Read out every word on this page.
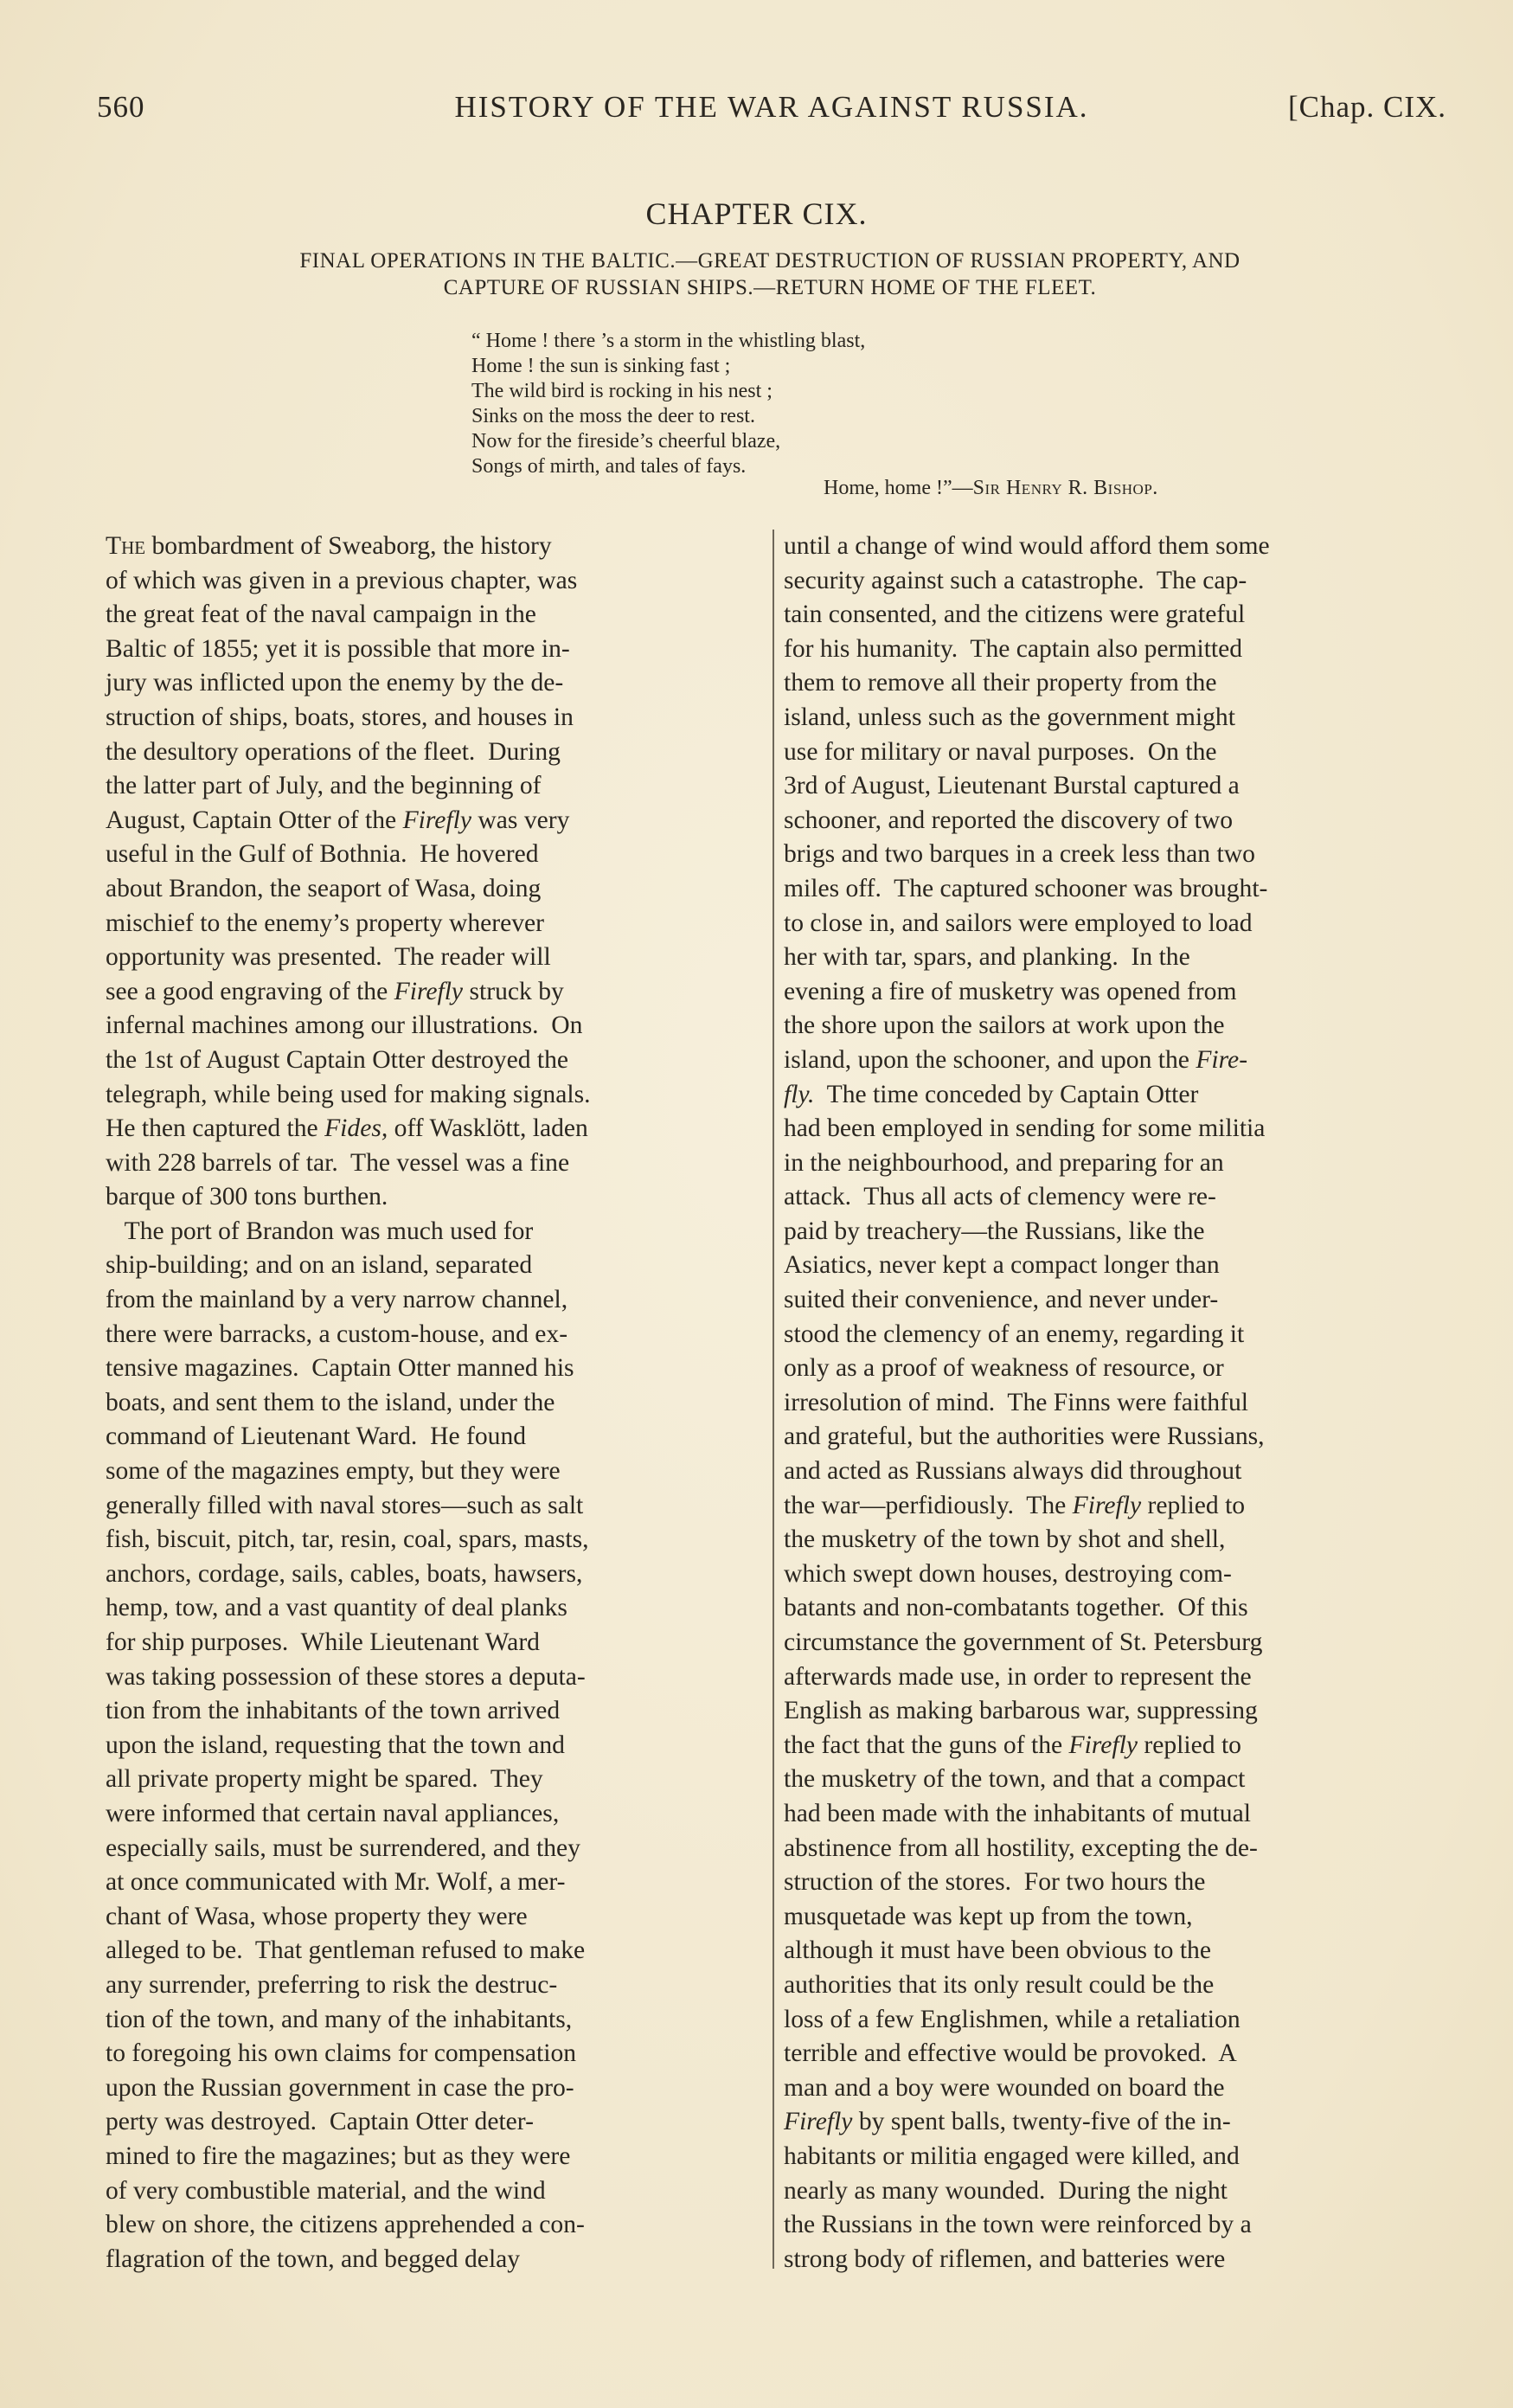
560	HISTORY OF THE WAR AGAINST RUSSIA.	[Chap. CIX.
CHAPTER CIX.
FINAL OPERATIONS IN THE BALTIC.—GREAT DESTRUCTION OF RUSSIAN PROPERTY, AND
CAPTURE OF RUSSIAN SHIPS.—RETURN HOME OF THE FLEET.
“ Home ! there ’s a storm in the whistling blast,
Home ! the sun is sinking fast ;
The wild bird is rocking in his nest ;
Sinks on the moss the deer to rest.
Now for the fireside’s cheerful blaze,
Songs of mirth, and tales of fays.
Home, home !”—Sir Henry R. Bishop.
The bombardment of Sweaborg, the history
of which was given in a previous chapter, was
the great feat of the naval campaign in the
Baltic of 1855; yet it is possible that more in-
jury was inflicted upon the enemy by the de-
struction of ships, boats, stores, and houses in
the desultory operations of the fleet.  During
the latter part of July, and the beginning of
August, Captain Otter of the Firefly was very
useful in the Gulf of Bothnia.  He hovered
about Brandon, the seaport of Wasa, doing
mischief to the enemy’s property wherever
opportunity was presented.  The reader will
see a good engraving of the Firefly struck by
infernal machines among our illustrations.  On
the 1st of August Captain Otter destroyed the
telegraph, while being used for making signals.
He then captured the Fides, off Wasklött, laden
with 228 barrels of tar.  The vessel was a fine
barque of 300 tons burthen.
The port of Brandon was much used for
ship-building; and on an island, separated
from the mainland by a very narrow channel,
there were barracks, a custom-house, and ex-
tensive magazines.  Captain Otter manned his
boats, and sent them to the island, under the
command of Lieutenant Ward.  He found
some of the magazines empty, but they were
generally filled with naval stores—such as salt
fish, biscuit, pitch, tar, resin, coal, spars, masts,
anchors, cordage, sails, cables, boats, hawsers,
hemp, tow, and a vast quantity of deal planks
for ship purposes.  While Lieutenant Ward
was taking possession of these stores a deputa-
tion from the inhabitants of the town arrived
upon the island, requesting that the town and
all private property might be spared.  They
were informed that certain naval appliances,
especially sails, must be surrendered, and they
at once communicated with Mr. Wolf, a mer-
chant of Wasa, whose property they were
alleged to be.  That gentleman refused to make
any surrender, preferring to risk the destruc-
tion of the town, and many of the inhabitants,
to foregoing his own claims for compensation
upon the Russian government in case the pro-
perty was destroyed.  Captain Otter deter-
mined to fire the magazines; but as they were
of very combustible material, and the wind
blew on shore, the citizens apprehended a con-
flagration of the town, and begged delay
until a change of wind would afford them some
security against such a catastrophe.  The cap-
tain consented, and the citizens were grateful
for his humanity.  The captain also permitted
them to remove all their property from the
island, unless such as the government might
use for military or naval purposes.  On the
3rd of August, Lieutenant Burstal captured a
schooner, and reported the discovery of two
brigs and two barques in a creek less than two
miles off.  The captured schooner was brought-
to close in, and sailors were employed to load
her with tar, spars, and planking.  In the
evening a fire of musketry was opened from
the shore upon the sailors at work upon the
island, upon the schooner, and upon the Fire-
fly.  The time conceded by Captain Otter
had been employed in sending for some militia
in the neighbourhood, and preparing for an
attack.  Thus all acts of clemency were re-
paid by treachery—the Russians, like the
Asiatics, never kept a compact longer than
suited their convenience, and never under-
stood the clemency of an enemy, regarding it
only as a proof of weakness of resource, or
irresolution of mind.  The Finns were faithful
and grateful, but the authorities were Russians,
and acted as Russians always did throughout
the war—perfidiously.  The Firefly replied to
the musketry of the town by shot and shell,
which swept down houses, destroying com-
batants and non-combatants together.  Of this
circumstance the government of St. Petersburg
afterwards made use, in order to represent the
English as making barbarous war, suppressing
the fact that the guns of the Firefly replied to
the musketry of the town, and that a compact
had been made with the inhabitants of mutual
abstinence from all hostility, excepting the de-
struction of the stores.  For two hours the
musquetade was kept up from the town,
although it must have been obvious to the
authorities that its only result could be the
loss of a few Englishmen, while a retaliation
terrible and effective would be provoked.  A
man and a boy were wounded on board the
Firefly by spent balls, twenty-five of the in-
habitants or militia engaged were killed, and
nearly as many wounded.  During the night
the Russians in the town were reinforced by a
strong body of riflemen, and batteries were
